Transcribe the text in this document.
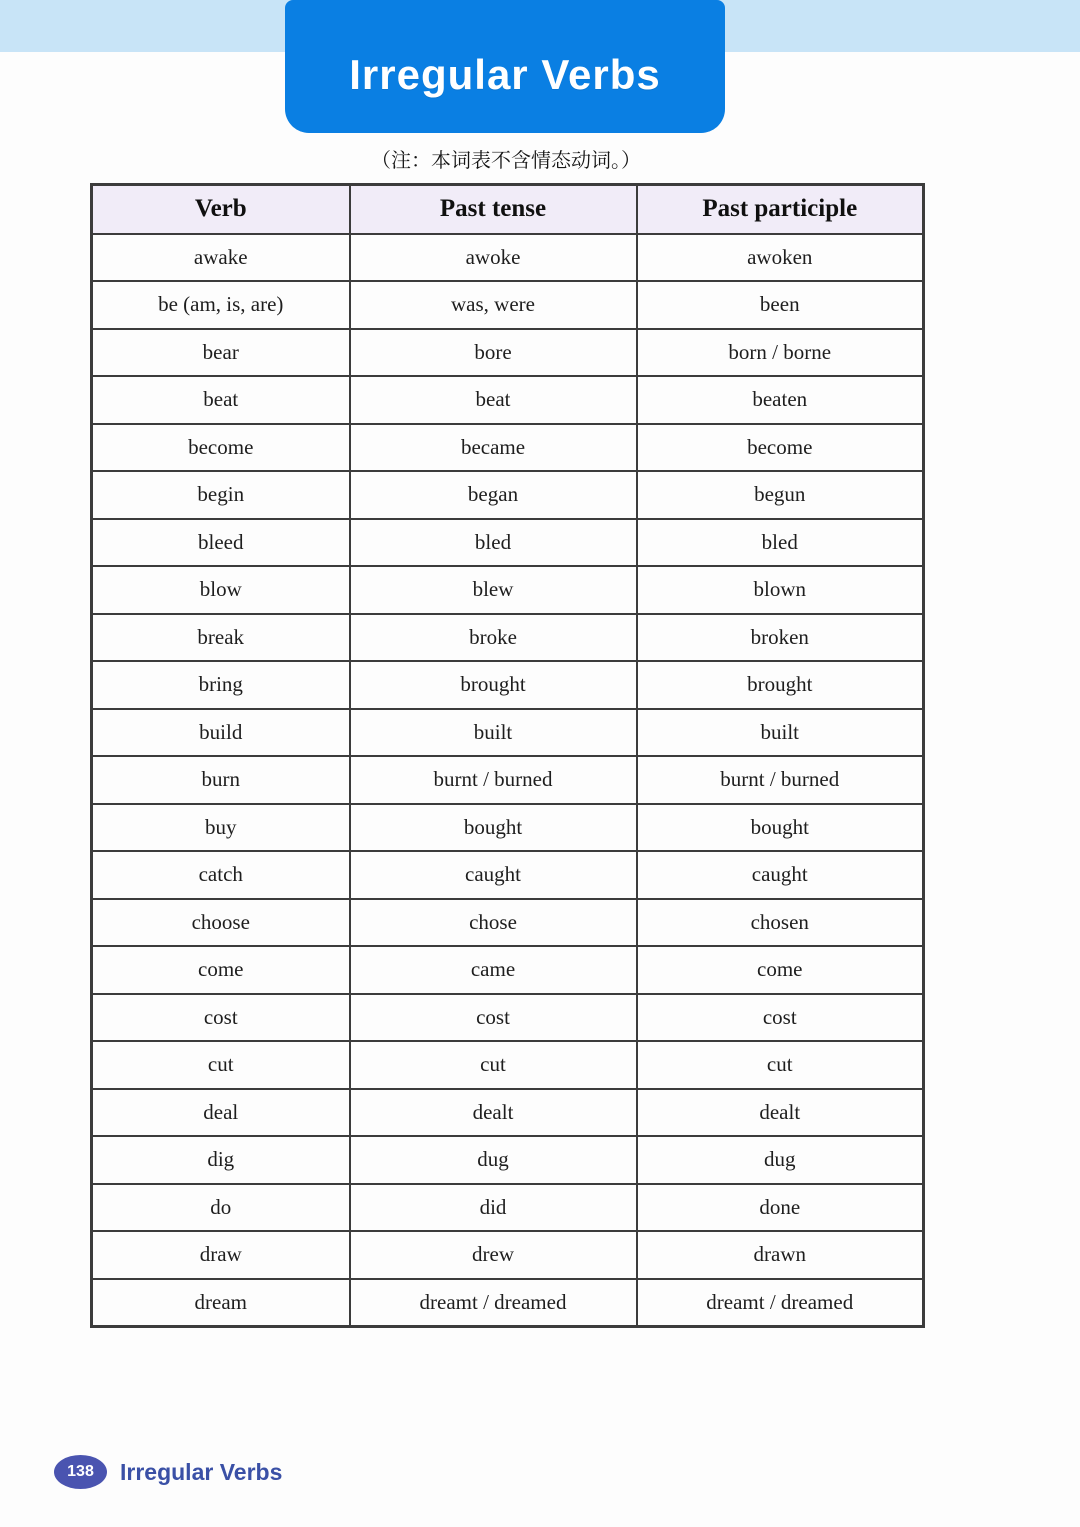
Irregular Verbs

（注：本词表不含情态动词。）

Verb	Past tense	Past participle
awake	awoke	awoken
be (am, is, are)	was, were	been
bear	bore	born / borne
beat	beat	beaten
become	became	become
begin	began	begun
bleed	bled	bled
blow	blew	blown
break	broke	broken
bring	brought	brought
build	built	built
burn	burnt / burned	burnt / burned
buy	bought	bought
catch	caught	caught
choose	chose	chosen
come	came	come
cost	cost	cost
cut	cut	cut
deal	dealt	dealt
dig	dug	dug
do	did	done
draw	drew	drawn
dream	dreamt / dreamed	dreamt / dreamed
138	Irregular Verbs
